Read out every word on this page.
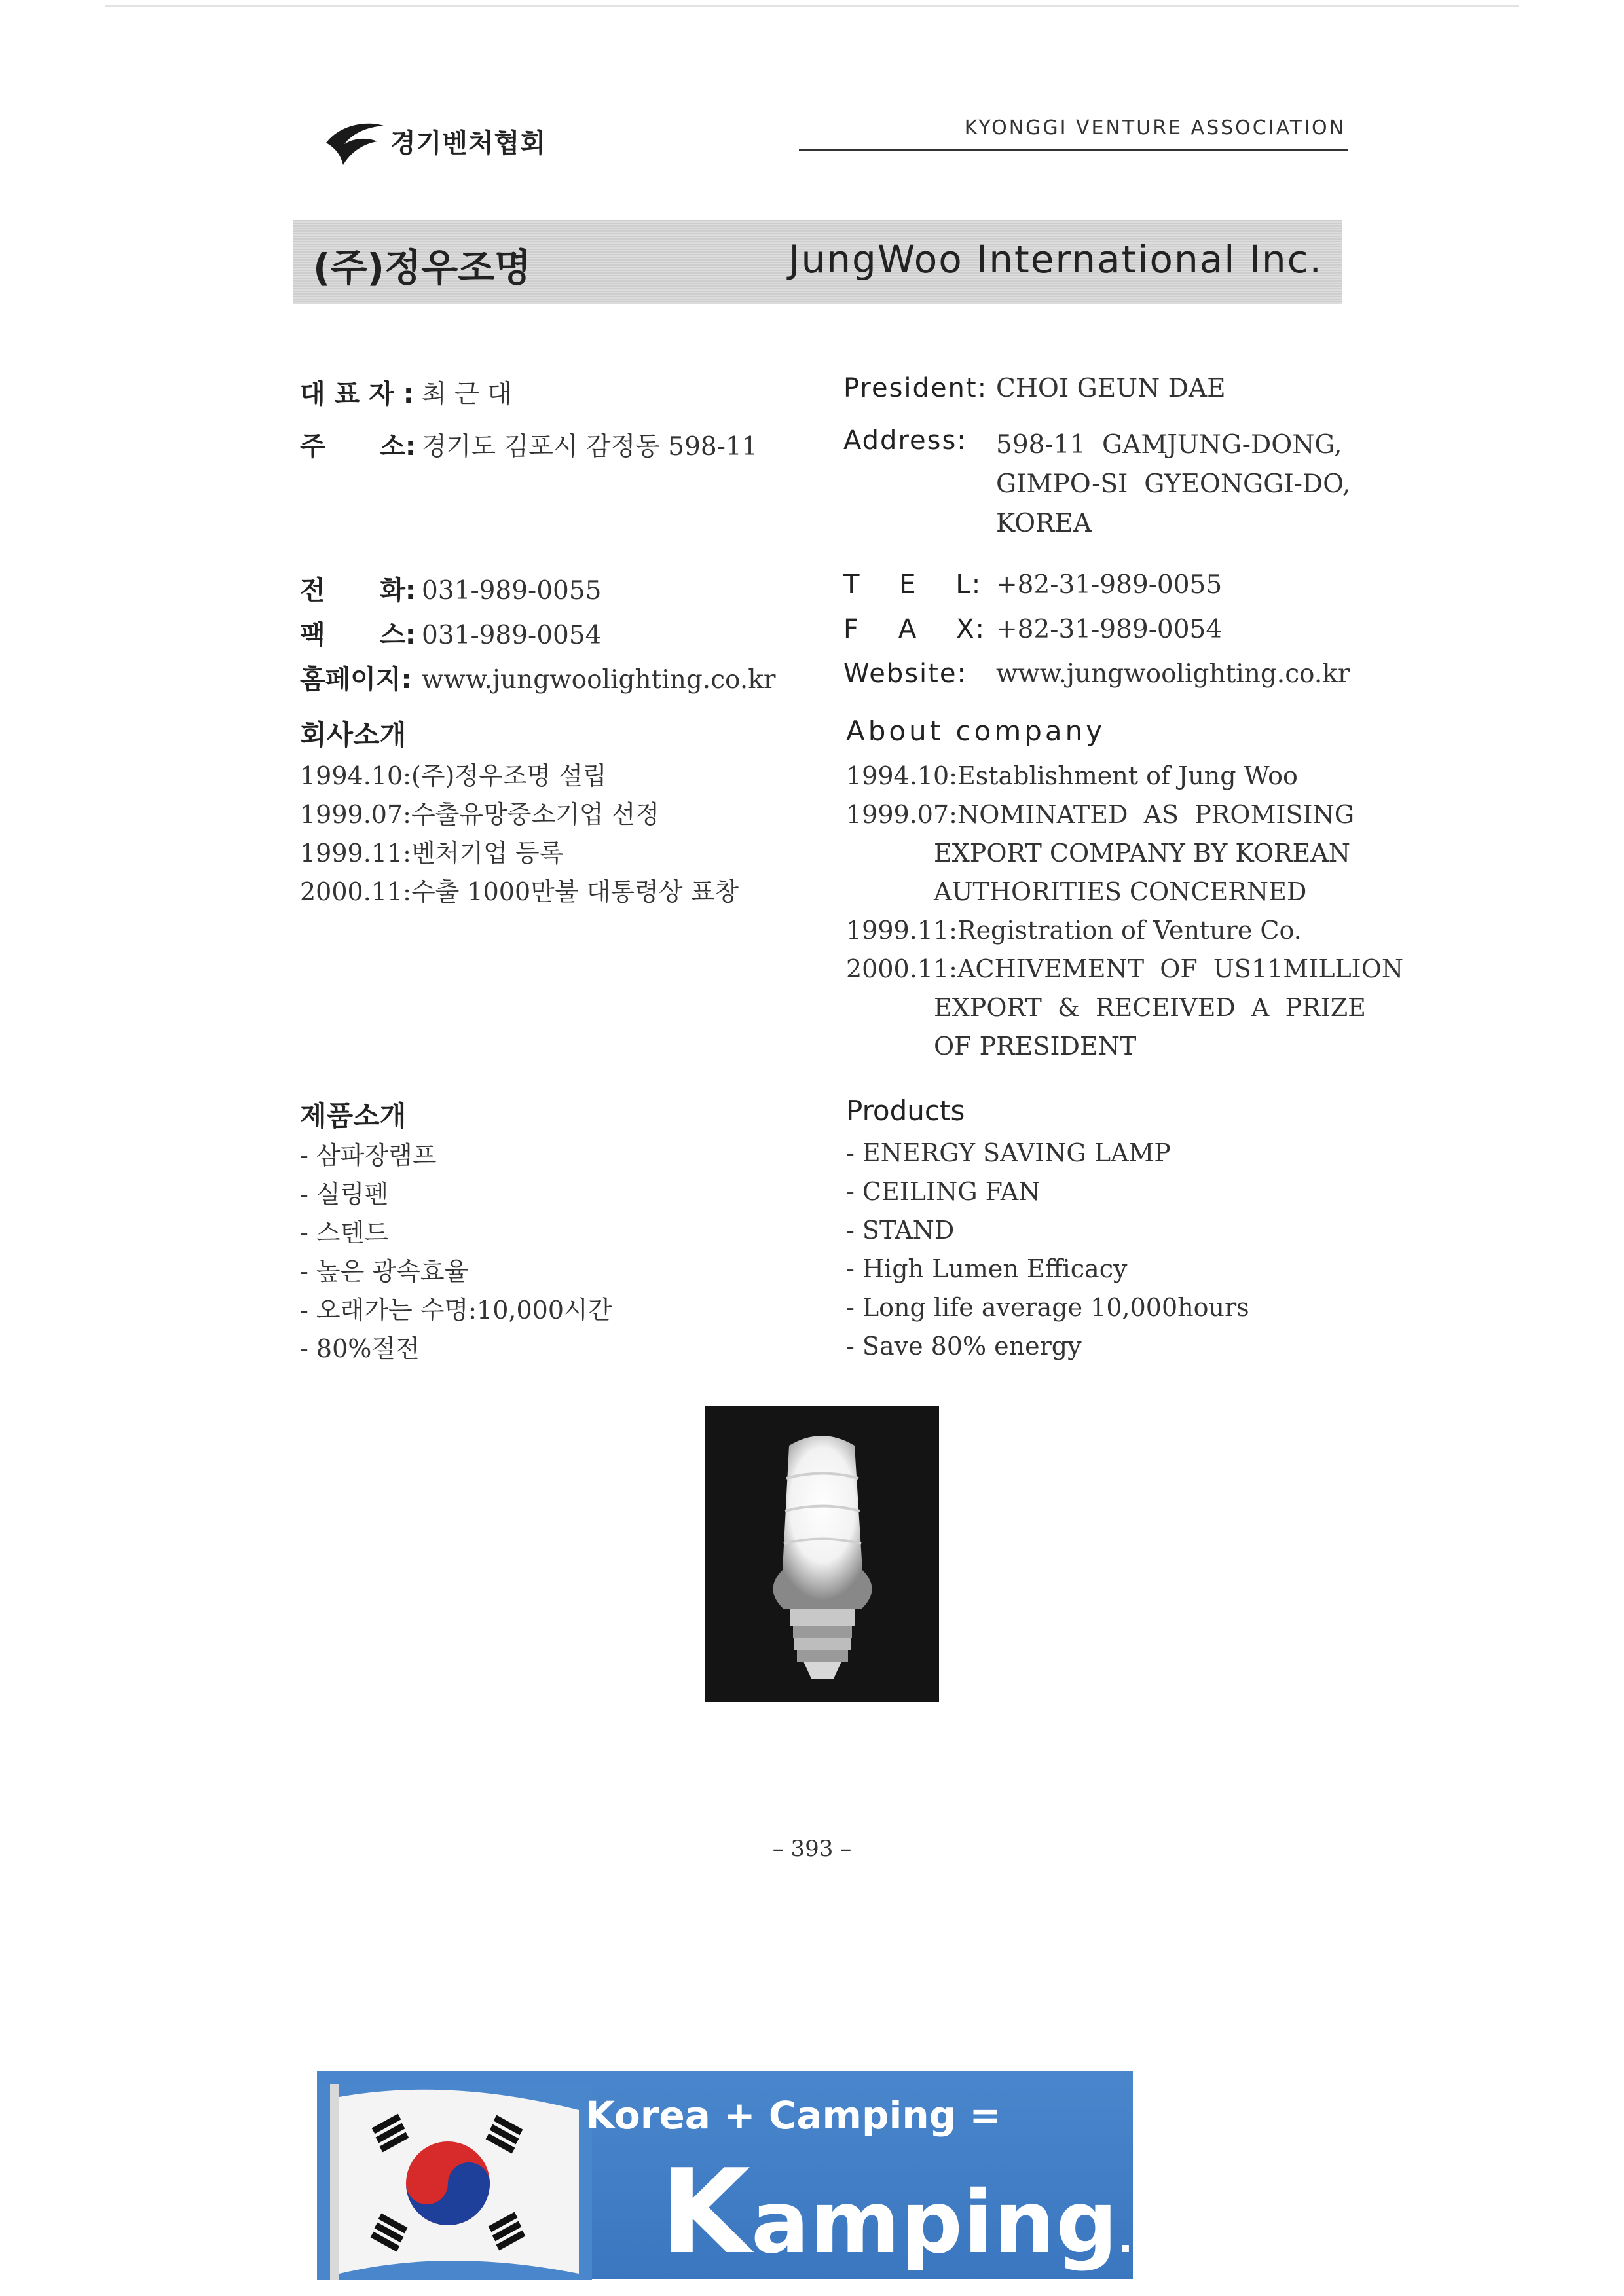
경기벤처협회	KYONGGI VENTURE ASSOCIATION
(주)정우조명	JungWoo International Inc.
대 표 자 : 최 근 대
주      소: 경기도 김포시 감정동 598-11
전      화: 031-989-0055
팩      스: 031-989-0054
홈페이지: www.jungwoolighting.co.kr
President: CHOI GEUN DAE
Address: 598-11  GAMJUNG-DONG,
GIMPO-SI  GYEONGGI-DO,
KOREA
T    E    L: +82-31-989-0055
F    A    X: +82-31-989-0054
Website: www.jungwoolighting.co.kr
회사소개
1994.10:(주)정우조명 설립
1999.07:수출유망중소기업 선정
1999.11:벤처기업 등록
2000.11:수출 1000만불 대통령상 표창
About company
1994.10:Establishment of Jung Woo
1999.07:NOMINATED  AS  PROMISING
EXPORT COMPANY BY KOREAN
AUTHORITIES CONCERNED
1999.11:Registration of Venture Co.
2000.11:ACHIVEMENT  OF  US11MILLION
EXPORT  &  RECEIVED  A  PRIZE
OF PRESIDENT
제품소개
- 삼파장램프
- 실링펜
- 스텐드
- 높은 광속효율
- 오래가는 수명:10,000시간
- 80%절전
Products
- ENERGY SAVING LAMP
- CEILING FAN
- STAND
- High Lumen Efficacy
- Long life average 10,000hours
- Save 80% energy
– 393 –
Korea + Camping =
Kamping.co.kr
